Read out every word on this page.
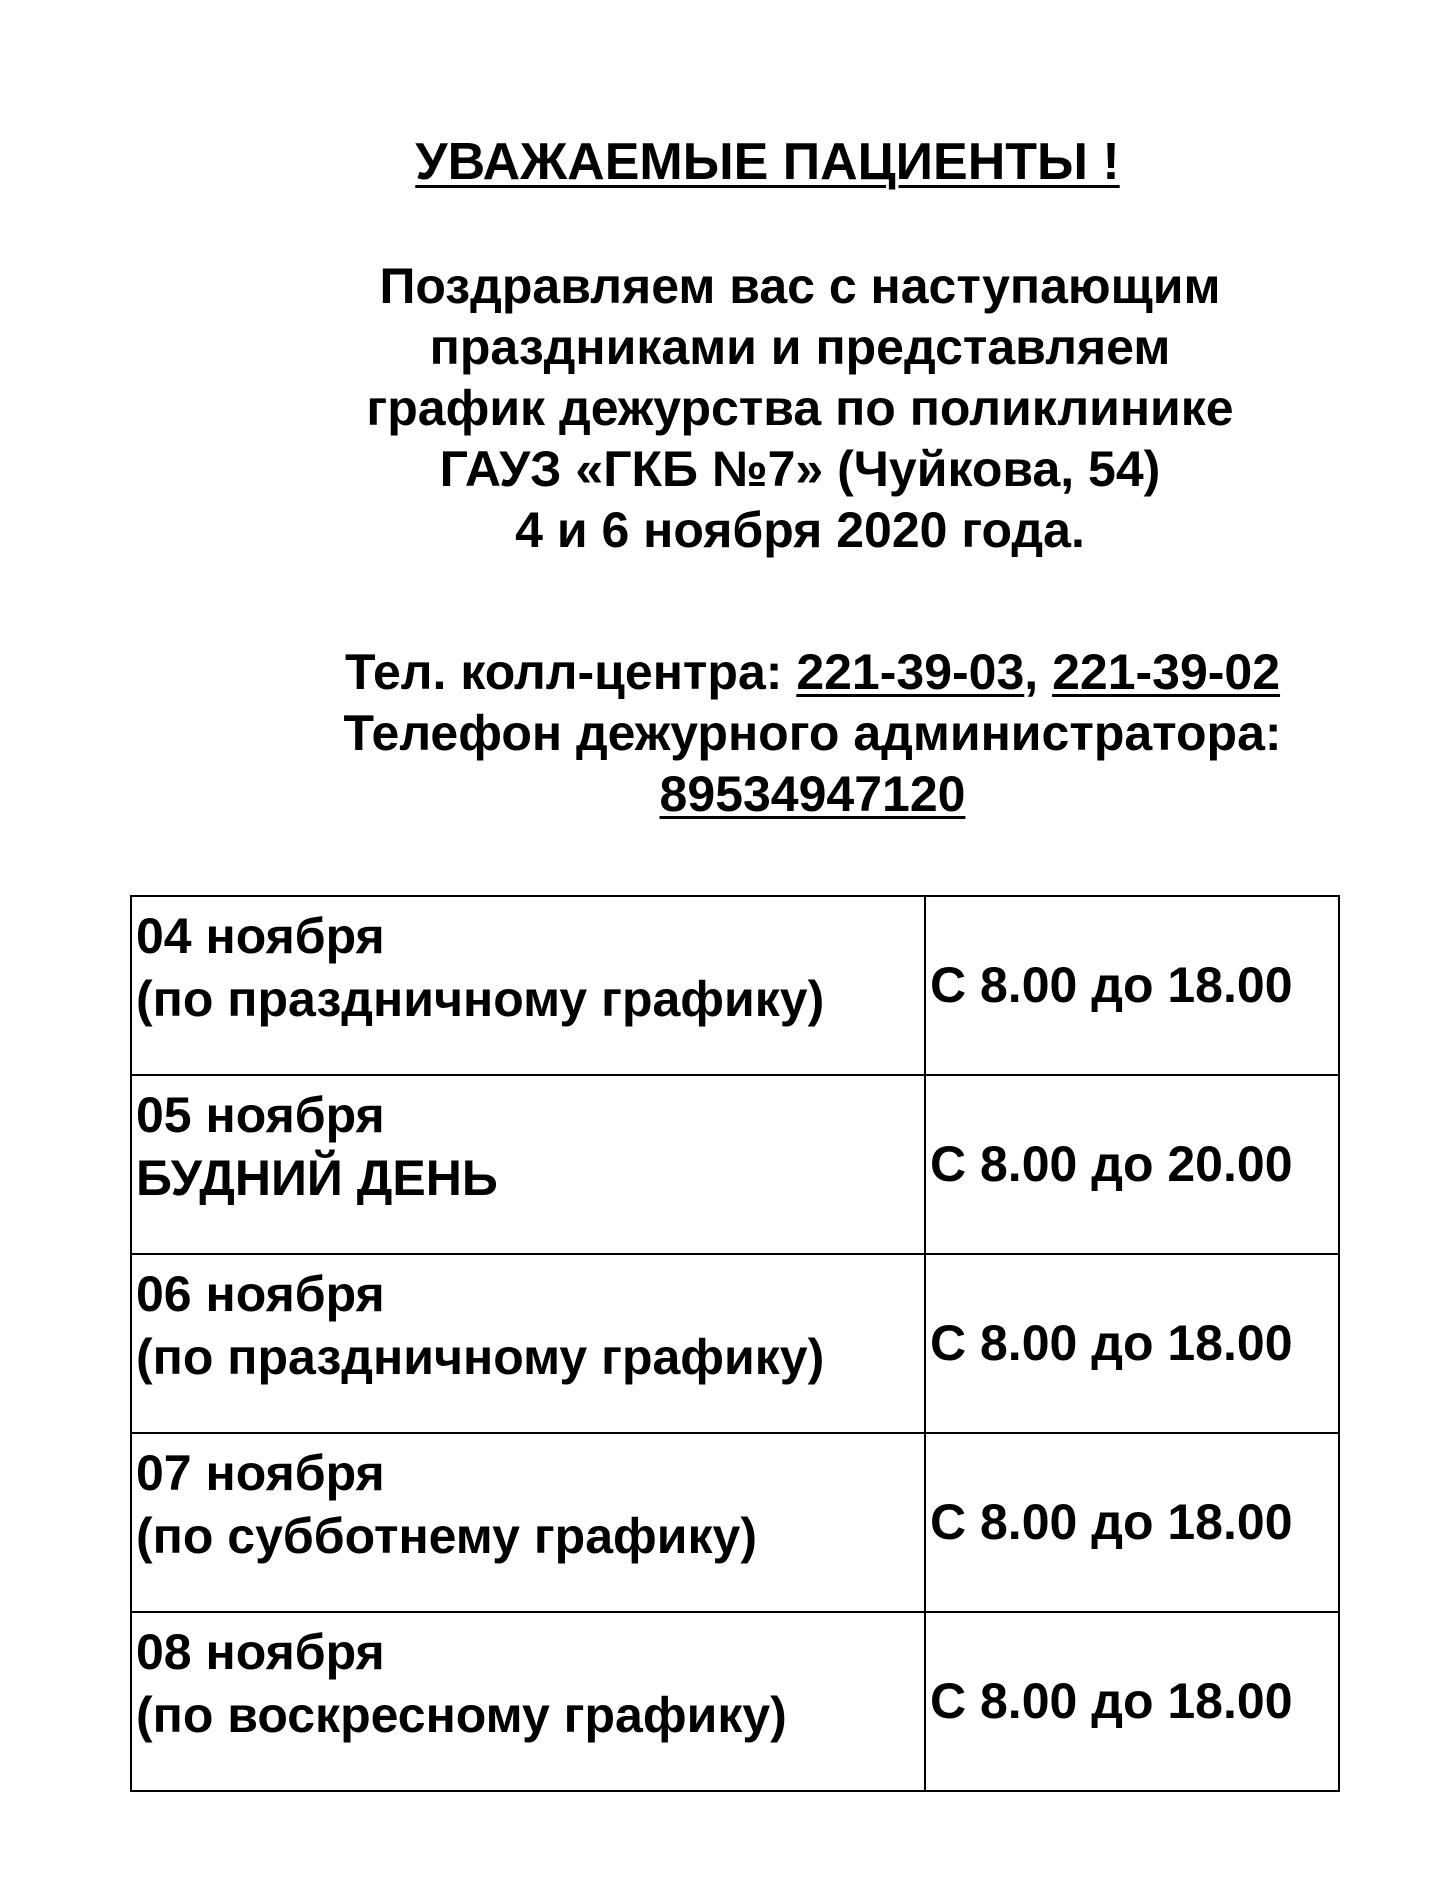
УВАЖАЕМЫЕ ПАЦИЕНТЫ !
Поздравляем вас с наступающим
праздниками и представляем
график дежурства по поликлинике
ГАУЗ «ГКБ №7» (Чуйкова, 54)
4 и 6 ноября 2020 года.
Тел. колл-центра: 221-39-03, 221-39-02
Телефон дежурного администратора:
89534947120
04 ноября
(по праздничному графику)	С 8.00 до 18.00

05 ноября
БУДНИЙ ДЕНЬ	С 8.00 до 20.00

06 ноября
(по праздничному графику)	С 8.00 до 18.00

07 ноября
(по субботнему графику)	С 8.00 до 18.00

08 ноября
(по воскресному графику)	С 8.00 до 18.00
